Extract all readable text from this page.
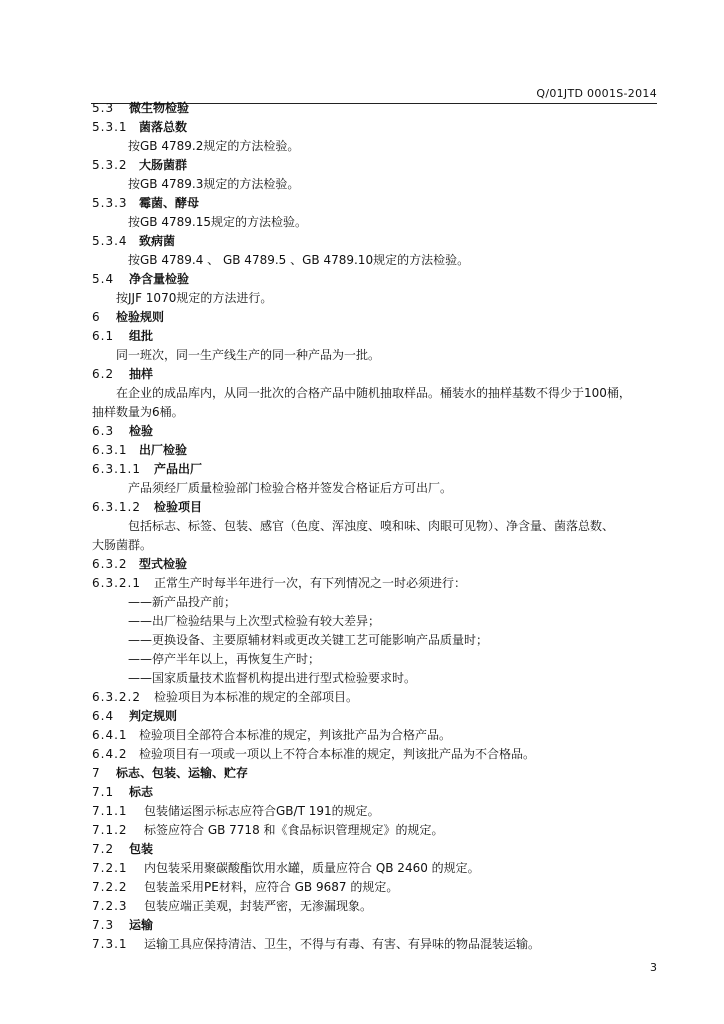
Q/01JTD 0001S-2014
5.3 微生物检验
5.3.1 菌落总数
按GB 4789.2规定的方法检验。
5.3.2 大肠菌群
按GB 4789.3规定的方法检验。
5.3.3 霉菌、酵母
按GB 4789.15规定的方法检验。
5.3.4 致病菌
按GB 4789.4 、 GB 4789.5 、GB 4789.10规定的方法检验。
5.4 净含量检验
按JJF 1070规定的方法进行。
6 检验规则
6.1 组批
同一班次，同一生产线生产的同一种产品为一批。
6.2 抽样
在企业的成品库内，从同一批次的合格产品中随机抽取样品。桶装水的抽样基数不得少于100桶，
抽样数量为6桶。
6.3 检验
6.3.1 出厂检验
6.3.1.1 产品出厂
产品须经厂质量检验部门检验合格并签发合格证后方可出厂。
6.3.1.2 检验项目
包括标志、标签、包装、感官（色度、浑浊度、嗅和味、肉眼可见物）、净含量、菌落总数、
大肠菌群。
6.3.2 型式检验
6.3.2.1 正常生产时每半年进行一次，有下列情况之一时必须进行：
——新产品投产前；
——出厂检验结果与上次型式检验有较大差异；
——更换设备、主要原辅材料或更改关键工艺可能影响产品质量时；
——停产半年以上，再恢复生产时；
——国家质量技术监督机构提出进行型式检验要求时。
6.3.2.2 检验项目为本标准的规定的全部项目。
6.4 判定规则
6.4.1 检验项目全部符合本标准的规定，判该批产品为合格产品。
6.4.2 检验项目有一项或一项以上不符合本标准的规定，判该批产品为不合格品。
7 标志、包装、运输、贮存
7.1 标志
7.1.1 包装储运图示标志应符合GB/T 191的规定。
7.1.2 标签应符合 GB 7718 和《食品标识管理规定》的规定。
7.2 包装
7.2.1 内包装采用聚碳酸酯饮用水罐，质量应符合 QB 2460 的规定。
7.2.2 包装盖采用PE材料，应符合 GB 9687 的规定。
7.2.3 包装应端正美观，封装严密，无渗漏现象。
7.3 运输
7.3.1 运输工具应保持清洁、卫生，不得与有毒、有害、有异味的物品混装运输。
3
